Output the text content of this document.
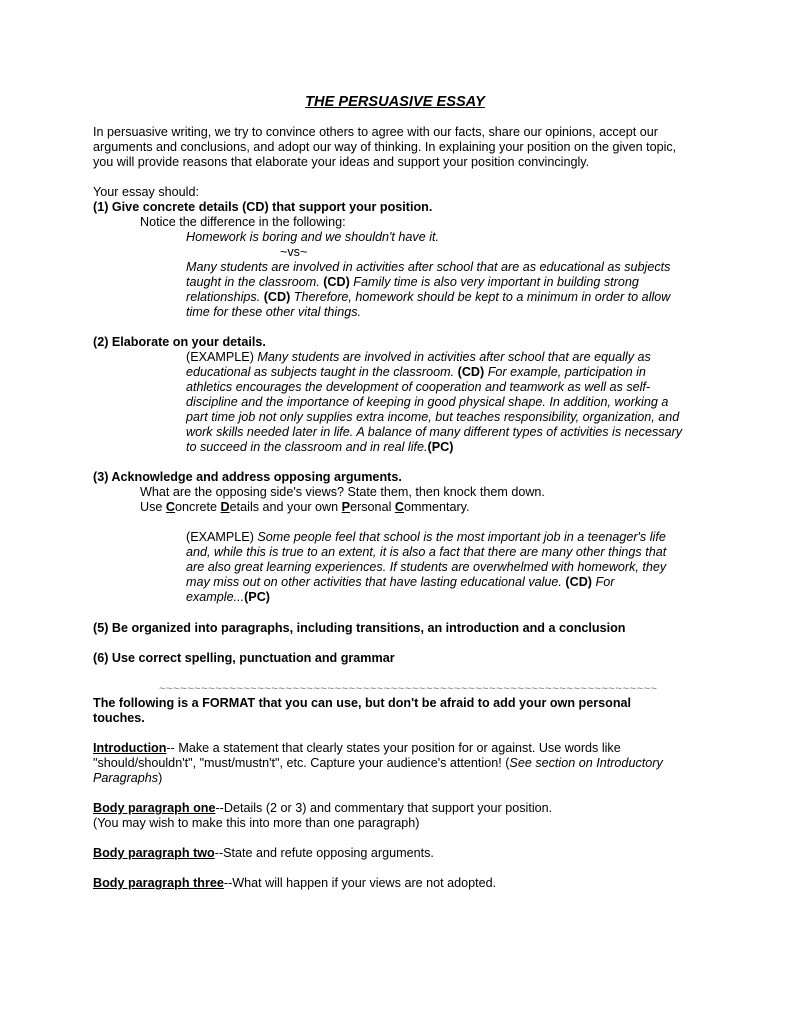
THE PERSUASIVE ESSAY
In persuasive writing, we try to convince others to agree with our facts, share our opinions, accept our
arguments and conclusions, and adopt our way of thinking. In explaining your position on the given topic,
you will provide reasons that elaborate your ideas and support your position convincingly.
Your essay should:
(1) Give concrete details (CD) that support your position.
Notice the difference in the following:
Homework is boring and we shouldn't have it.
~vs~
Many students are involved in activities after school that are as educational as subjects
taught in the classroom. (CD) Family time is also very important in building strong
relationships. (CD) Therefore, homework should be kept to a minimum in order to allow
time for these other vital things.
(2) Elaborate on your details.
(EXAMPLE) Many students are involved in activities after school that are equally as
educational as subjects taught in the classroom. (CD) For example, participation in
athletics encourages the development of cooperation and teamwork as well as self-
discipline and the importance of keeping in good physical shape. In addition, working a
part time job not only supplies extra income, but teaches responsibility, organization, and
work skills needed later in life. A balance of many different types of activities is necessary
to succeed in the classroom and in real life.(PC)
(3) Acknowledge and address opposing arguments.
What are the opposing side's views? State them, then knock them down.
Use Concrete Details and your own Personal Commentary.
(EXAMPLE) Some people feel that school is the most important job in a teenager's life
and, while this is true to an extent, it is also a fact that there are many other things that
are also great learning experiences. If students are overwhelmed with homework, they
may miss out on other activities that have lasting educational value. (CD) For
example...(PC)
(5) Be organized into paragraphs, including transitions, an introduction and a conclusion
(6) Use correct spelling, punctuation and grammar
~~~~~~~~~~~~~~~~~~~~~~~~~~~~~~~~~~~~~~~~~~~~~~~~~~~~~~~~~~~~~~~~~~~~~~~
The following is a FORMAT that you can use, but don't be afraid to add your own personal
touches.
Introduction-- Make a statement that clearly states your position for or against. Use words like
"should/shouldn't", "must/mustn't", etc. Capture your audience's attention! (See section on Introductory
Paragraphs)
Body paragraph one--Details (2 or 3) and commentary that support your position.
(You may wish to make this into more than one paragraph)
Body paragraph two--State and refute opposing arguments.
Body paragraph three--What will happen if your views are not adopted.
